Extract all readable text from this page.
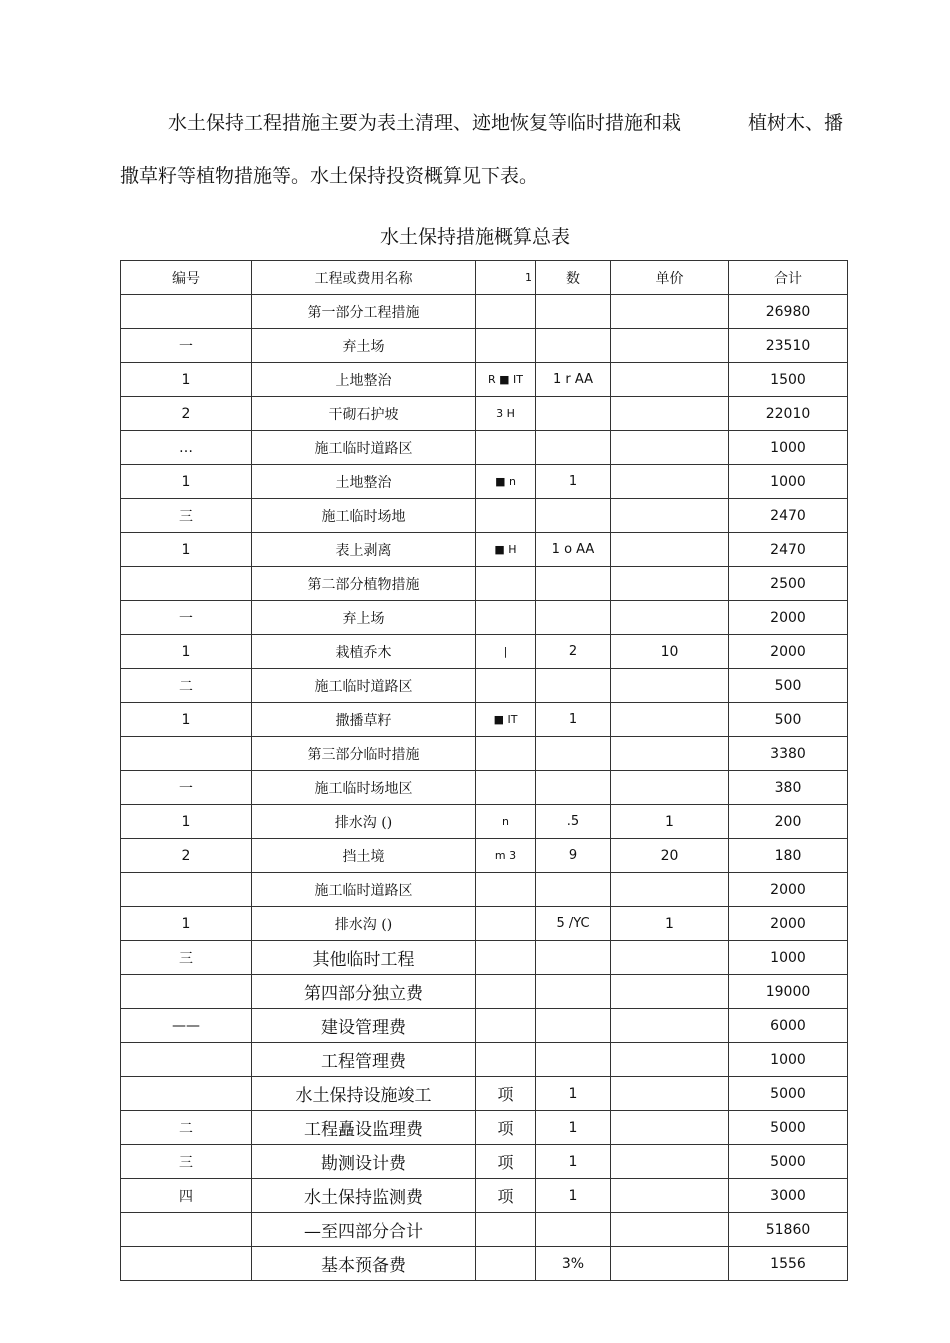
水土保持工程措施主要为表土清理、迹地恢复等临时措施和栽	植树木、播
撒草籽等植物措施等。水土保持投资概算见下表。
水土保持措施概算总表
编号	工程或费用名称	1	数	单价	合计
	第一部分工程措施				26980
一	弃土场				23510
1	上地整治	R ■ IT	1 r AA		1500
2	干砌石护坡	3 H			22010
…	施工临时道路区				1000
1	土地整治	■ n	1		1000
三	施工临时场地				2470
1	表上剥离	■ H	1 o AA		2470
	第二部分植物措施				2500
一	弃上场				2000
1	栽植乔木	|	2	10	2000
二	施工临时道路区				500
1	撒播草籽	■ IT	1		500
	第三部分临时措施				3380
一	施工临时场地区				380
1	排水沟 ()	n	.5	1	200
2	挡土境	m 3	9	20	180
	施工临时道路区				2000
1	排水沟 ()		5 /YC	1	2000
三	其他临时工程				1000
	第四部分独立费				19000
——	建设管理费				6000
	工程管理费				1000
	水土保持设施竣工	项	1		5000
二	工程矗设监理费	项	1		5000
三	勘测设计费	项	1		5000
四	水土保持监测费	项	1		3000
	—至四部分合计				51860
	基本预备费		3%		1556
